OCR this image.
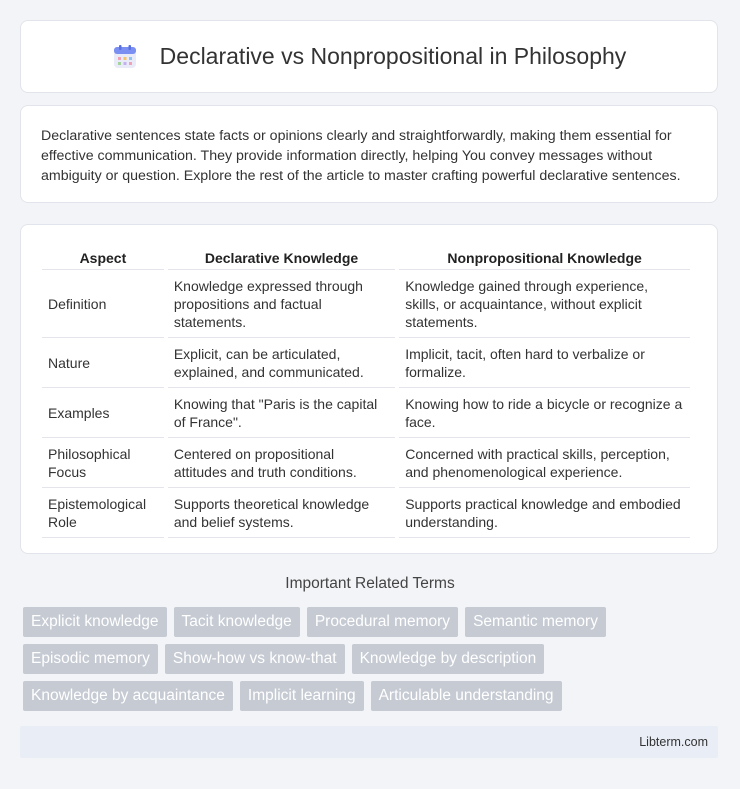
Declarative vs Nonpropositional in Philosophy
Declarative sentences state facts or opinions clearly and straightforwardly, making them essential for effective communication. They provide information directly, helping You convey messages without ambiguity or question. Explore the rest of the article to master crafting powerful declarative sentences.
Aspect	Declarative Knowledge	Nonpropositional Knowledge
Definition	Knowledge expressed through propositions and factual statements.	Knowledge gained through experience, skills, or acquaintance, without explicit statements.
Nature	Explicit, can be articulated, explained, and communicated.	Implicit, tacit, often hard to verbalize or formalize.
Examples	Knowing that "Paris is the capital of France".	Knowing how to ride a bicycle or recognize a face.
Philosophical Focus	Centered on propositional attitudes and truth conditions.	Concerned with practical skills, perception, and phenomenological experience.
Epistemological Role	Supports theoretical knowledge and belief systems.	Supports practical knowledge and embodied understanding.
Important Related Terms
Explicit knowledge	Tacit knowledge	Procedural memory	Semantic memory
Episodic memory	Show-how vs know-that	Knowledge by description
Knowledge by acquaintance	Implicit learning	Articulable understanding
Libterm.com
